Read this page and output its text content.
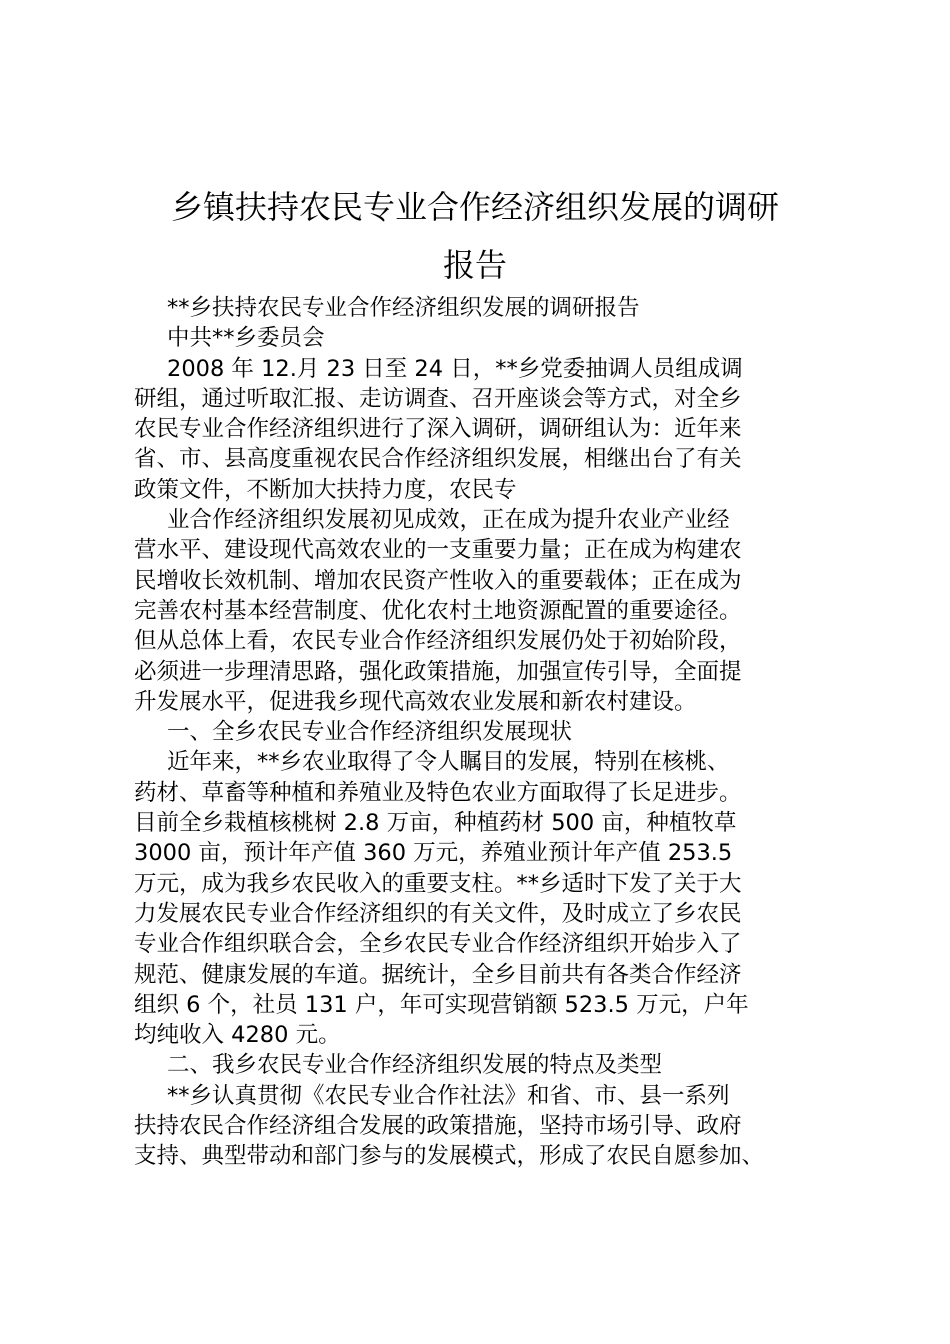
乡镇扶持农民专业合作经济组织发展的调研
报告

**乡扶持农民专业合作经济组织发展的调研报告

中共**乡委员会

2008 年 12.月 23 日至 24 日，**乡党委抽调人员组成调

研组，通过听取汇报、走访调查、召开座谈会等方式，对全乡

农民专业合作经济组织进行了深入调研，调研组认为：近年来

省、市、县高度重视农民合作经济组织发展，相继出台了有关

政策文件，不断加大扶持力度，农民专

业合作经济组织发展初见成效，正在成为提升农业产业经

营水平、建设现代高效农业的一支重要力量；正在成为构建农

民增收长效机制、增加农民资产性收入的重要载体；正在成为

完善农村基本经营制度、优化农村土地资源配置的重要途径。

但从总体上看，农民专业合作经济组织发展仍处于初始阶段，

必须进一步理清思路，强化政策措施，加强宣传引导，全面提

升发展水平，促进我乡现代高效农业发展和新农村建设。

一、全乡农民专业合作经济组织发展现状

近年来，**乡农业取得了令人瞩目的发展，特别在核桃、

药材、草畜等种植和养殖业及特色农业方面取得了长足进步。

目前全乡栽植核桃树 2.8 万亩，种植药材 500 亩，种植牧草

3000 亩，预计年产值 360 万元，养殖业预计年产值 253.5

万元，成为我乡农民收入的重要支柱。**乡适时下发了关于大

力发展农民专业合作经济组织的有关文件，及时成立了乡农民

专业合作组织联合会，全乡农民专业合作经济组织开始步入了

规范、健康发展的车道。据统计，全乡目前共有各类合作经济

组织 6 个，社员 131 户，年可实现营销额 523.5 万元，户年

均纯收入 4280 元。

二、我乡农民专业合作经济组织发展的特点及类型

**乡认真贯彻《农民专业合作社法》和省、市、县一系列

扶持农民合作经济组合发展的政策措施，坚持市场引导、政府

支持、典型带动和部门参与的发展模式，形成了农民自愿参加、
